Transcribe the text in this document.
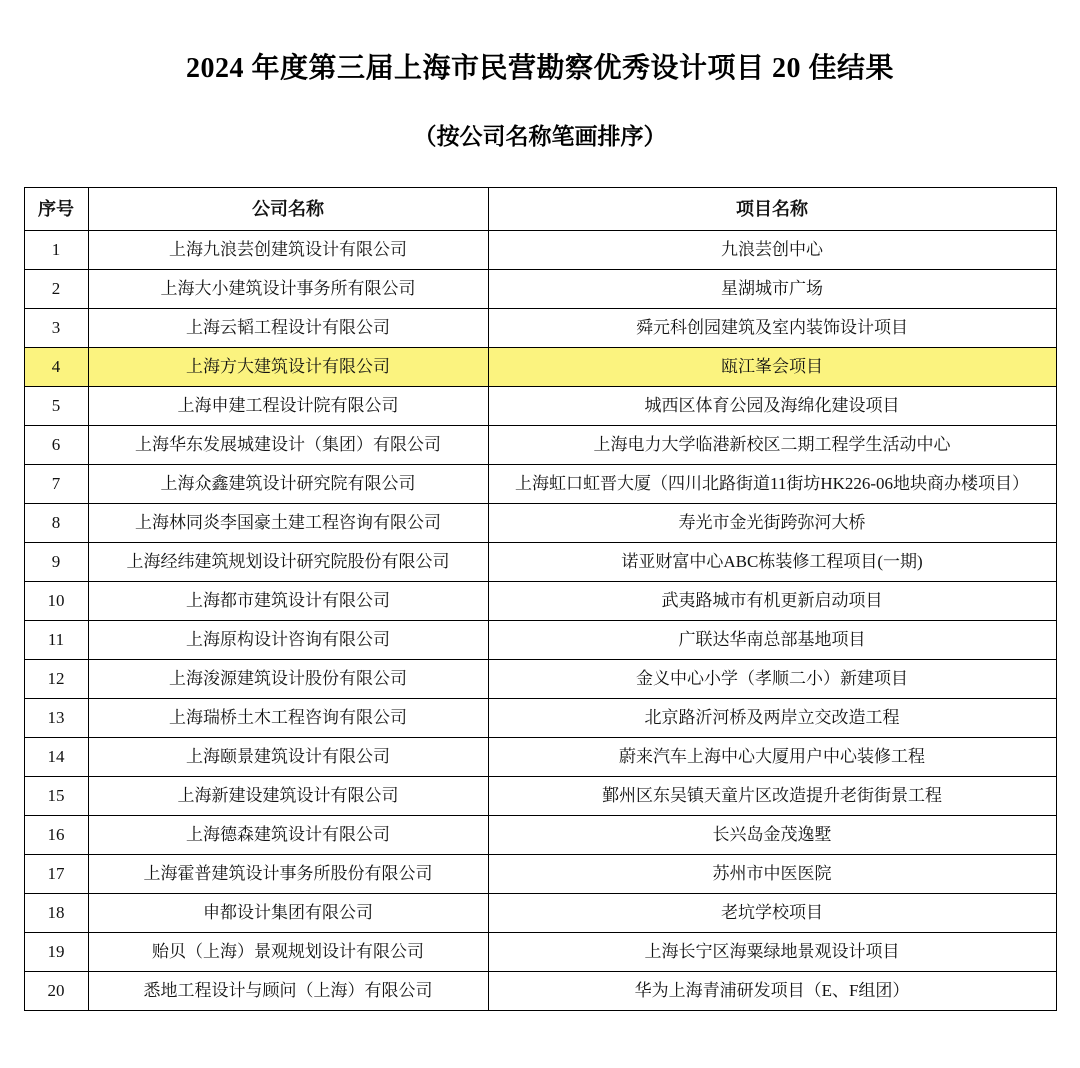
2024 年度第三届上海市民营勘察优秀设计项目 20 佳结果
（按公司名称笔画排序）
序号	公司名称	项目名称
1	上海九浪芸创建筑设计有限公司	九浪芸创中心
2	上海大小建筑设计事务所有限公司	星湖城市广场
3	上海云韬工程设计有限公司	舜元科创园建筑及室内装饰设计项目
4	上海方大建筑设计有限公司	瓯江峯会项目
5	上海申建工程设计院有限公司	城西区体育公园及海绵化建设项目
6	上海华东发展城建设计（集团）有限公司	上海电力大学临港新校区二期工程学生活动中心
7	上海众鑫建筑设计研究院有限公司	上海虹口虹晋大厦（四川北路街道11街坊HK226-06地块商办楼项目）
8	上海林同炎李国豪土建工程咨询有限公司	寿光市金光街跨弥河大桥
9	上海经纬建筑规划设计研究院股份有限公司	诺亚财富中心ABC栋装修工程项目(一期)
10	上海都市建筑设计有限公司	武夷路城市有机更新启动项目
11	上海原构设计咨询有限公司	广联达华南总部基地项目
12	上海浚源建筑设计股份有限公司	金义中心小学（孝顺二小）新建项目
13	上海瑞桥土木工程咨询有限公司	北京路沂河桥及两岸立交改造工程
14	上海颐景建筑设计有限公司	蔚来汽车上海中心大厦用户中心装修工程
15	上海新建设建筑设计有限公司	鄞州区东吴镇天童片区改造提升老街街景工程
16	上海德森建筑设计有限公司	长兴岛金茂逸墅
17	上海霍普建筑设计事务所股份有限公司	苏州市中医医院
18	申都设计集团有限公司	老坑学校项目
19	贻贝（上海）景观规划设计有限公司	上海长宁区海粟绿地景观设计项目
20	悉地工程设计与顾问（上海）有限公司	华为上海青浦研发项目（E、F组团）
